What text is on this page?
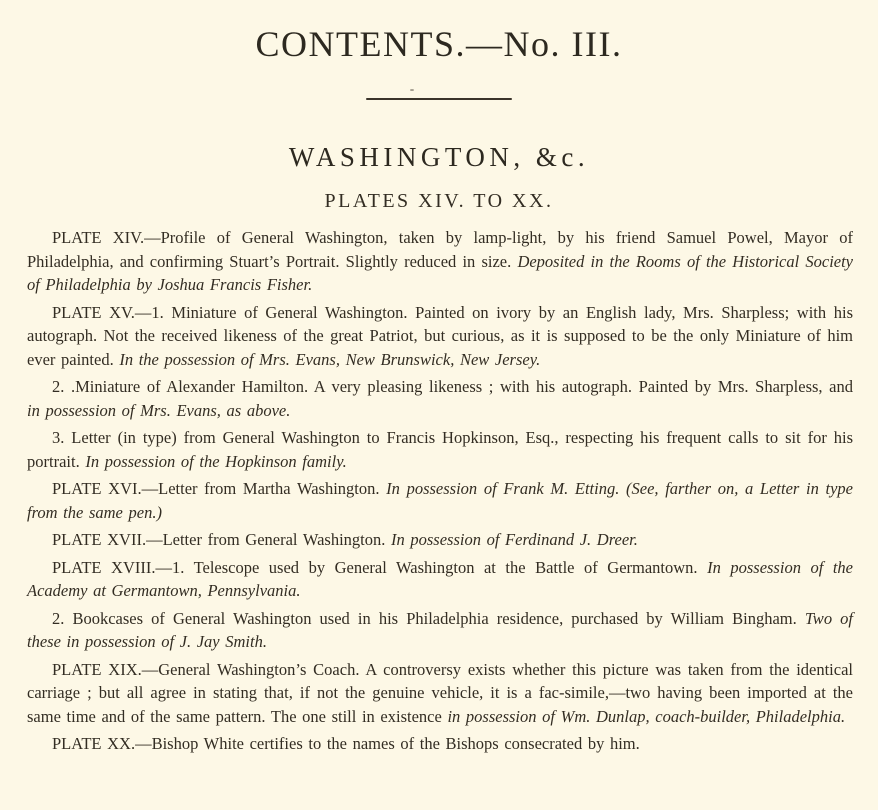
CONTENTS.—No. III.
WASHINGTON, &c.
PLATES XIV. TO XX.

PLATE XIV.—Profile of General Washington, taken by lamp-light, by his friend Samuel Powel, Mayor of Philadelphia, and confirming Stuart’s Portrait. Slightly reduced in size. Deposited in the Rooms of the Historical Society of Philadelphia by Joshua Francis Fisher.

PLATE XV.—1. Miniature of General Washington. Painted on ivory by an English lady, Mrs. Sharpless; with his autograph. Not the received likeness of the great Patriot, but curious, as it is supposed to be the only Miniature of him ever painted. In the possession of Mrs. Evans, New Brunswick, New Jersey.

2. .Miniature of Alexander Hamilton. A very pleasing likeness ; with his autograph. Painted by Mrs. Sharpless, and in possession of Mrs. Evans, as above.

3. Letter (in type) from General Washington to Francis Hopkinson, Esq., respecting his frequent calls to sit for his portrait. In possession of the Hopkinson family.

PLATE XVI.—Letter from Martha Washington. In possession of Frank M. Etting. (See, farther on, a Letter in type from the same pen.)

PLATE XVII.—Letter from General Washington. In possession of Ferdinand J. Dreer.

PLATE XVIII.—1. Telescope used by General Washington at the Battle of Germantown. In possession of the Academy at Germantown, Pennsylvania.

2. Bookcases of General Washington used in his Philadelphia residence, purchased by William Bingham. Two of these in possession of J. Jay Smith.

PLATE XIX.—General Washington’s Coach. A controversy exists whether this picture was taken from the identical carriage ; but all agree in stating that, if not the genuine vehicle, it is a fac-simile,—two having been imported at the same time and of the same pattern. The one still in existence in possession of Wm. Dunlap, coach-builder, Philadelphia.

PLATE XX.—Bishop White certifies to the names of the Bishops consecrated by him.
